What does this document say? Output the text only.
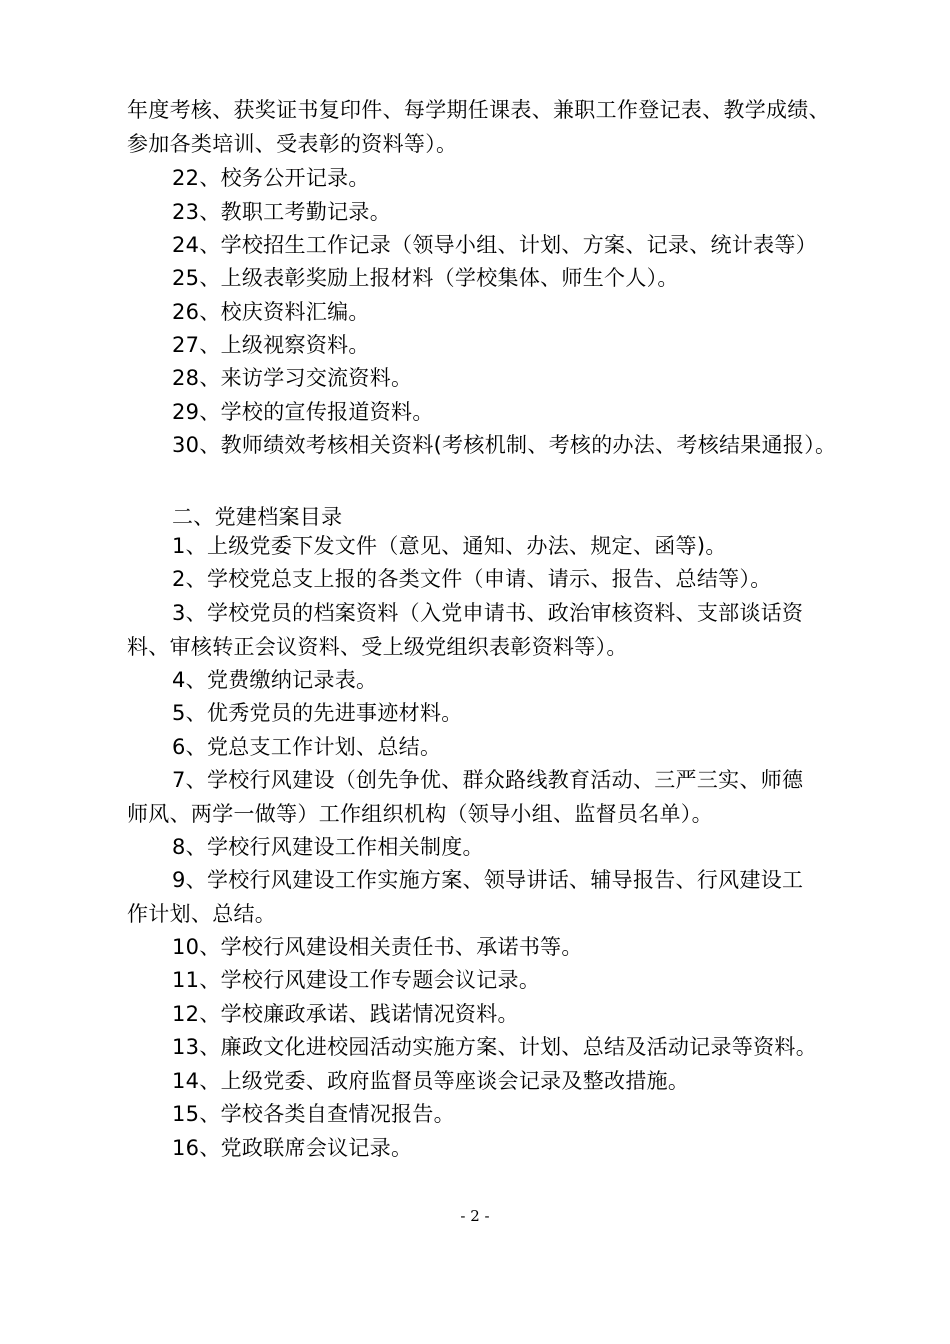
年度考核、获奖证书复印件、每学期任课表、兼职工作登记表、教学成绩、
参加各类培训、受表彰的资料等）。
22、校务公开记录。
23、教职工考勤记录。
24、学校招生工作记录（领导小组、计划、方案、记录、统计表等）
25、上级表彰奖励上报材料（学校集体、师生个人）。
26、校庆资料汇编。
27、上级视察资料。
28、来访学习交流资料。
29、学校的宣传报道资料。
30、教师绩效考核相关资料(考核机制、考核的办法、考核结果通报）。
二、党建档案目录
1、上级党委下发文件（意见、通知、办法、规定、函等)。
2、学校党总支上报的各类文件（申请、请示、报告、总结等）。
3、学校党员的档案资料（入党申请书、政治审核资料、支部谈话资
料、审核转正会议资料、受上级党组织表彰资料等）。
4、党费缴纳记录表。
5、优秀党员的先进事迹材料。
6、党总支工作计划、总结。
7、学校行风建设（创先争优、群众路线教育活动、三严三实、师德
师风、两学一做等）工作组织机构（领导小组、监督员名单）。
8、学校行风建设工作相关制度。
9、学校行风建设工作实施方案、领导讲话、辅导报告、行风建设工
作计划、总结。
10、学校行风建设相关责任书、承诺书等。
11、学校行风建设工作专题会议记录。
12、学校廉政承诺、践诺情况资料。
13、廉政文化进校园活动实施方案、计划、总结及活动记录等资料。
14、上级党委、政府监督员等座谈会记录及整改措施。
15、学校各类自查情况报告。
16、党政联席会议记录。
- 2 -
